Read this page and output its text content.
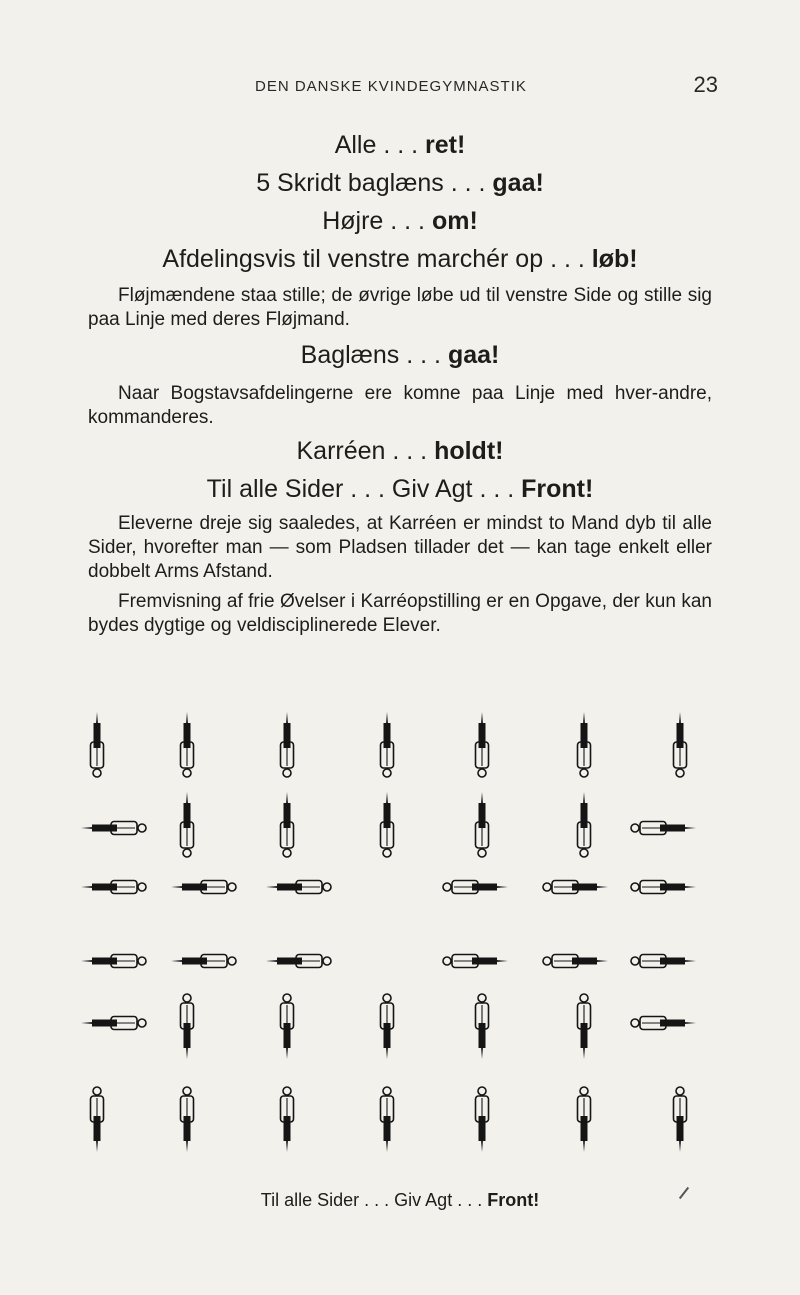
DEN DANSKE KVINDEGYMNASTIK	23
Alle . . . ret!
5 Skridt baglæns . . . gaa!
Højre . . . om!
Afdelingsvis til venstre marchér op . . . løb!
Fløjmændene staa stille; de øvrige løbe ud til venstre Side og stille sig paa Linje med deres Fløjmand.
Baglæns . . . gaa!
Naar Bogstavsafdelingerne ere komne paa Linje med hver-andre, kommanderes.
Karréen . . . holdt!
Til alle Sider . . . Giv Agt . . . Front!
Eleverne dreje sig saaledes, at Karréen er mindst to Mand dyb til alle Sider, hvorefter man — som Pladsen tillader det — kan tage enkelt eller dobbelt Arms Afstand.
Fremvisning af frie Øvelser i Karréopstilling er en Opgave, der kun kan bydes dygtige og veldisciplinerede Elever.
Til alle Sider . . . Giv Agt . . . Front!
